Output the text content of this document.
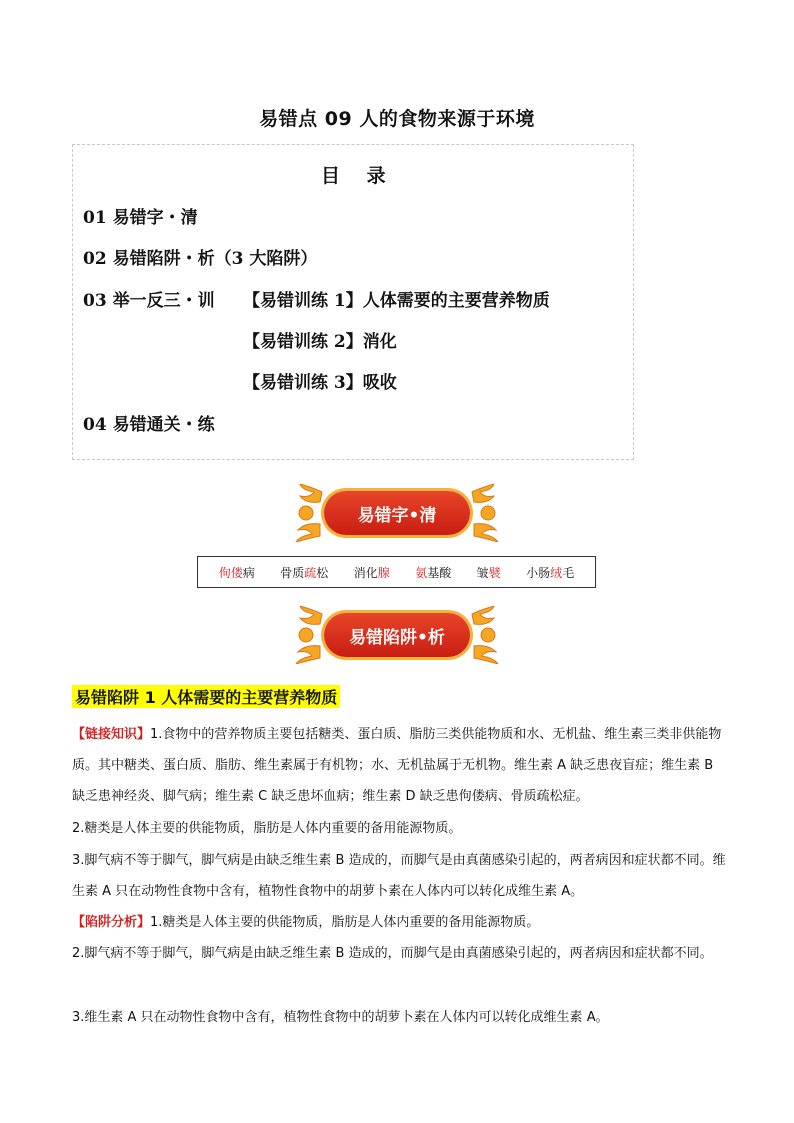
易错点 09 人的食物来源于环境
目 录
01 易错字・清
02 易错陷阱・析（3 大陷阱）
03 举一反三・训 【易错训练 1】人体需要的主要营养物质
【易错训练 2】消化
【易错训练 3】吸收
04 易错通关・练
易错字•清
佝偻病 骨质疏松 消化腺 氨基酸 皱襞 小肠绒毛
易错陷阱•析
易错陷阱 1 人体需要的主要营养物质
【链接知识】1.食物中的营养物质主要包括糖类、蛋白质、脂肪三类供能物质和水、无机盐、维生素三类非供能物质。其中糖类、蛋白质、脂肪、维生素属于有机物；水、无机盐属于无机物。维生素 A 缺乏患夜盲症；维生素 B 缺乏患神经炎、脚气病；维生素 C 缺乏患坏血病；维生素 D 缺乏患佝偻病、骨质疏松症。
2.糖类是人体主要的供能物质，脂肪是人体内重要的备用能源物质。
3.脚气病不等于脚气，脚气病是由缺乏维生素 B 造成的，而脚气是由真菌感染引起的，两者病因和症状都不同。维生素 A 只在动物性食物中含有，植物性食物中的胡萝卜素在人体内可以转化成维生素 A。
【陷阱分析】1.糖类是人体主要的供能物质，脂肪是人体内重要的备用能源物质。
2.脚气病不等于脚气，脚气病是由缺乏维生素 B 造成的，而脚气是由真菌感染引起的，两者病因和症状都不同。
3.维生素 A 只在动物性食物中含有，植物性食物中的胡萝卜素在人体内可以转化成维生素 A。
